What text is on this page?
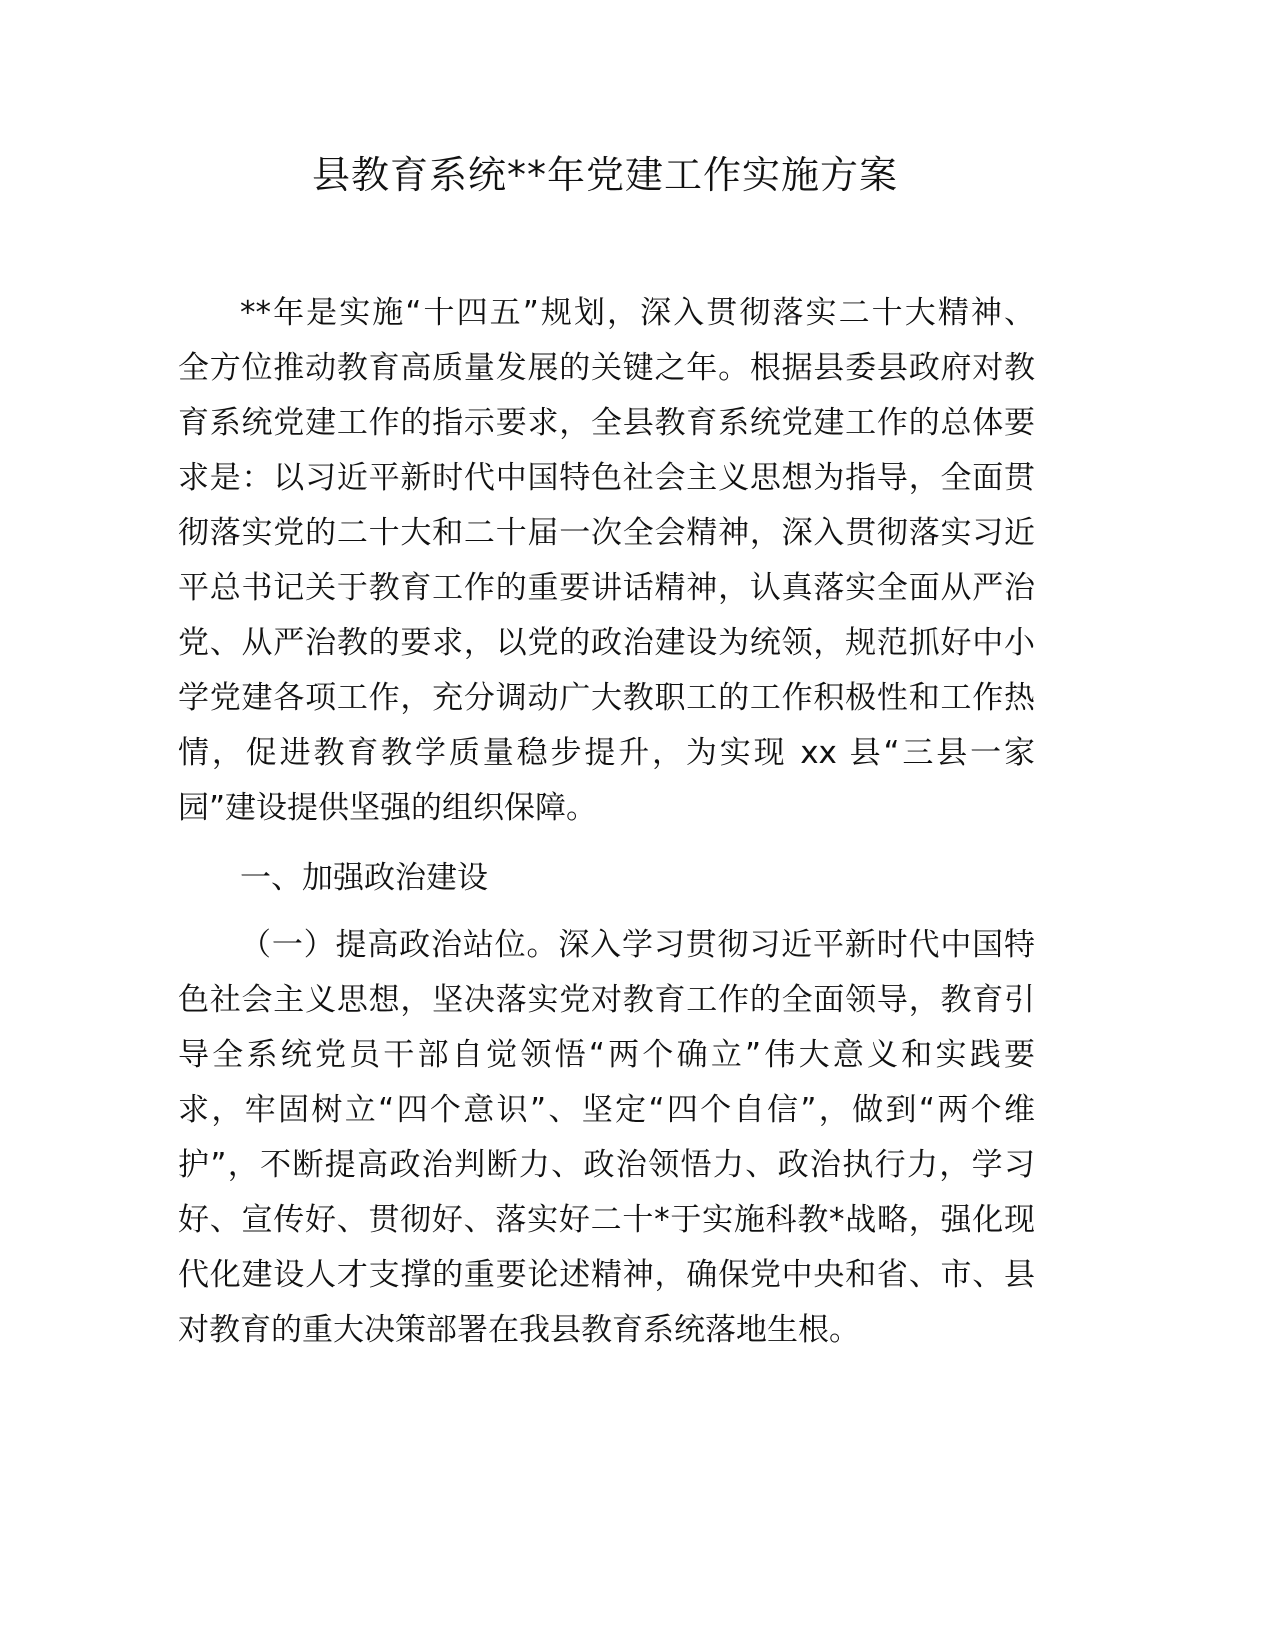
县教育系统**年党建工作实施方案
**年是实施“十四五”规划，深入贯彻落实二十大精神、
全方位推动教育高质量发展的关键之年。根据县委县政府对教
育系统党建工作的指示要求，全县教育系统党建工作的总体要
求是：以习近平新时代中国特色社会主义思想为指导，全面贯
彻落实党的二十大和二十届一次全会精神，深入贯彻落实习近
平总书记关于教育工作的重要讲话精神，认真落实全面从严治
党、从严治教的要求，以党的政治建设为统领，规范抓好中小
学党建各项工作，充分调动广大教职工的工作积极性和工作热
情，促进教育教学质量稳步提升，为实现 xx 县“三县一家
园”建设提供坚强的组织保障。
一、加强政治建设
（一）提高政治站位。深入学习贯彻习近平新时代中国特
色社会主义思想，坚决落实党对教育工作的全面领导，教育引
导全系统党员干部自觉领悟“两个确立”伟大意义和实践要
求，牢固树立“四个意识”、坚定“四个自信”，做到“两个维
护”，不断提高政治判断力、政治领悟力、政治执行力，学习
好、宣传好、贯彻好、落实好二十*于实施科教*战略，强化现
代化建设人才支撑的重要论述精神，确保党中央和省、市、县
对教育的重大决策部署在我县教育系统落地生根。
